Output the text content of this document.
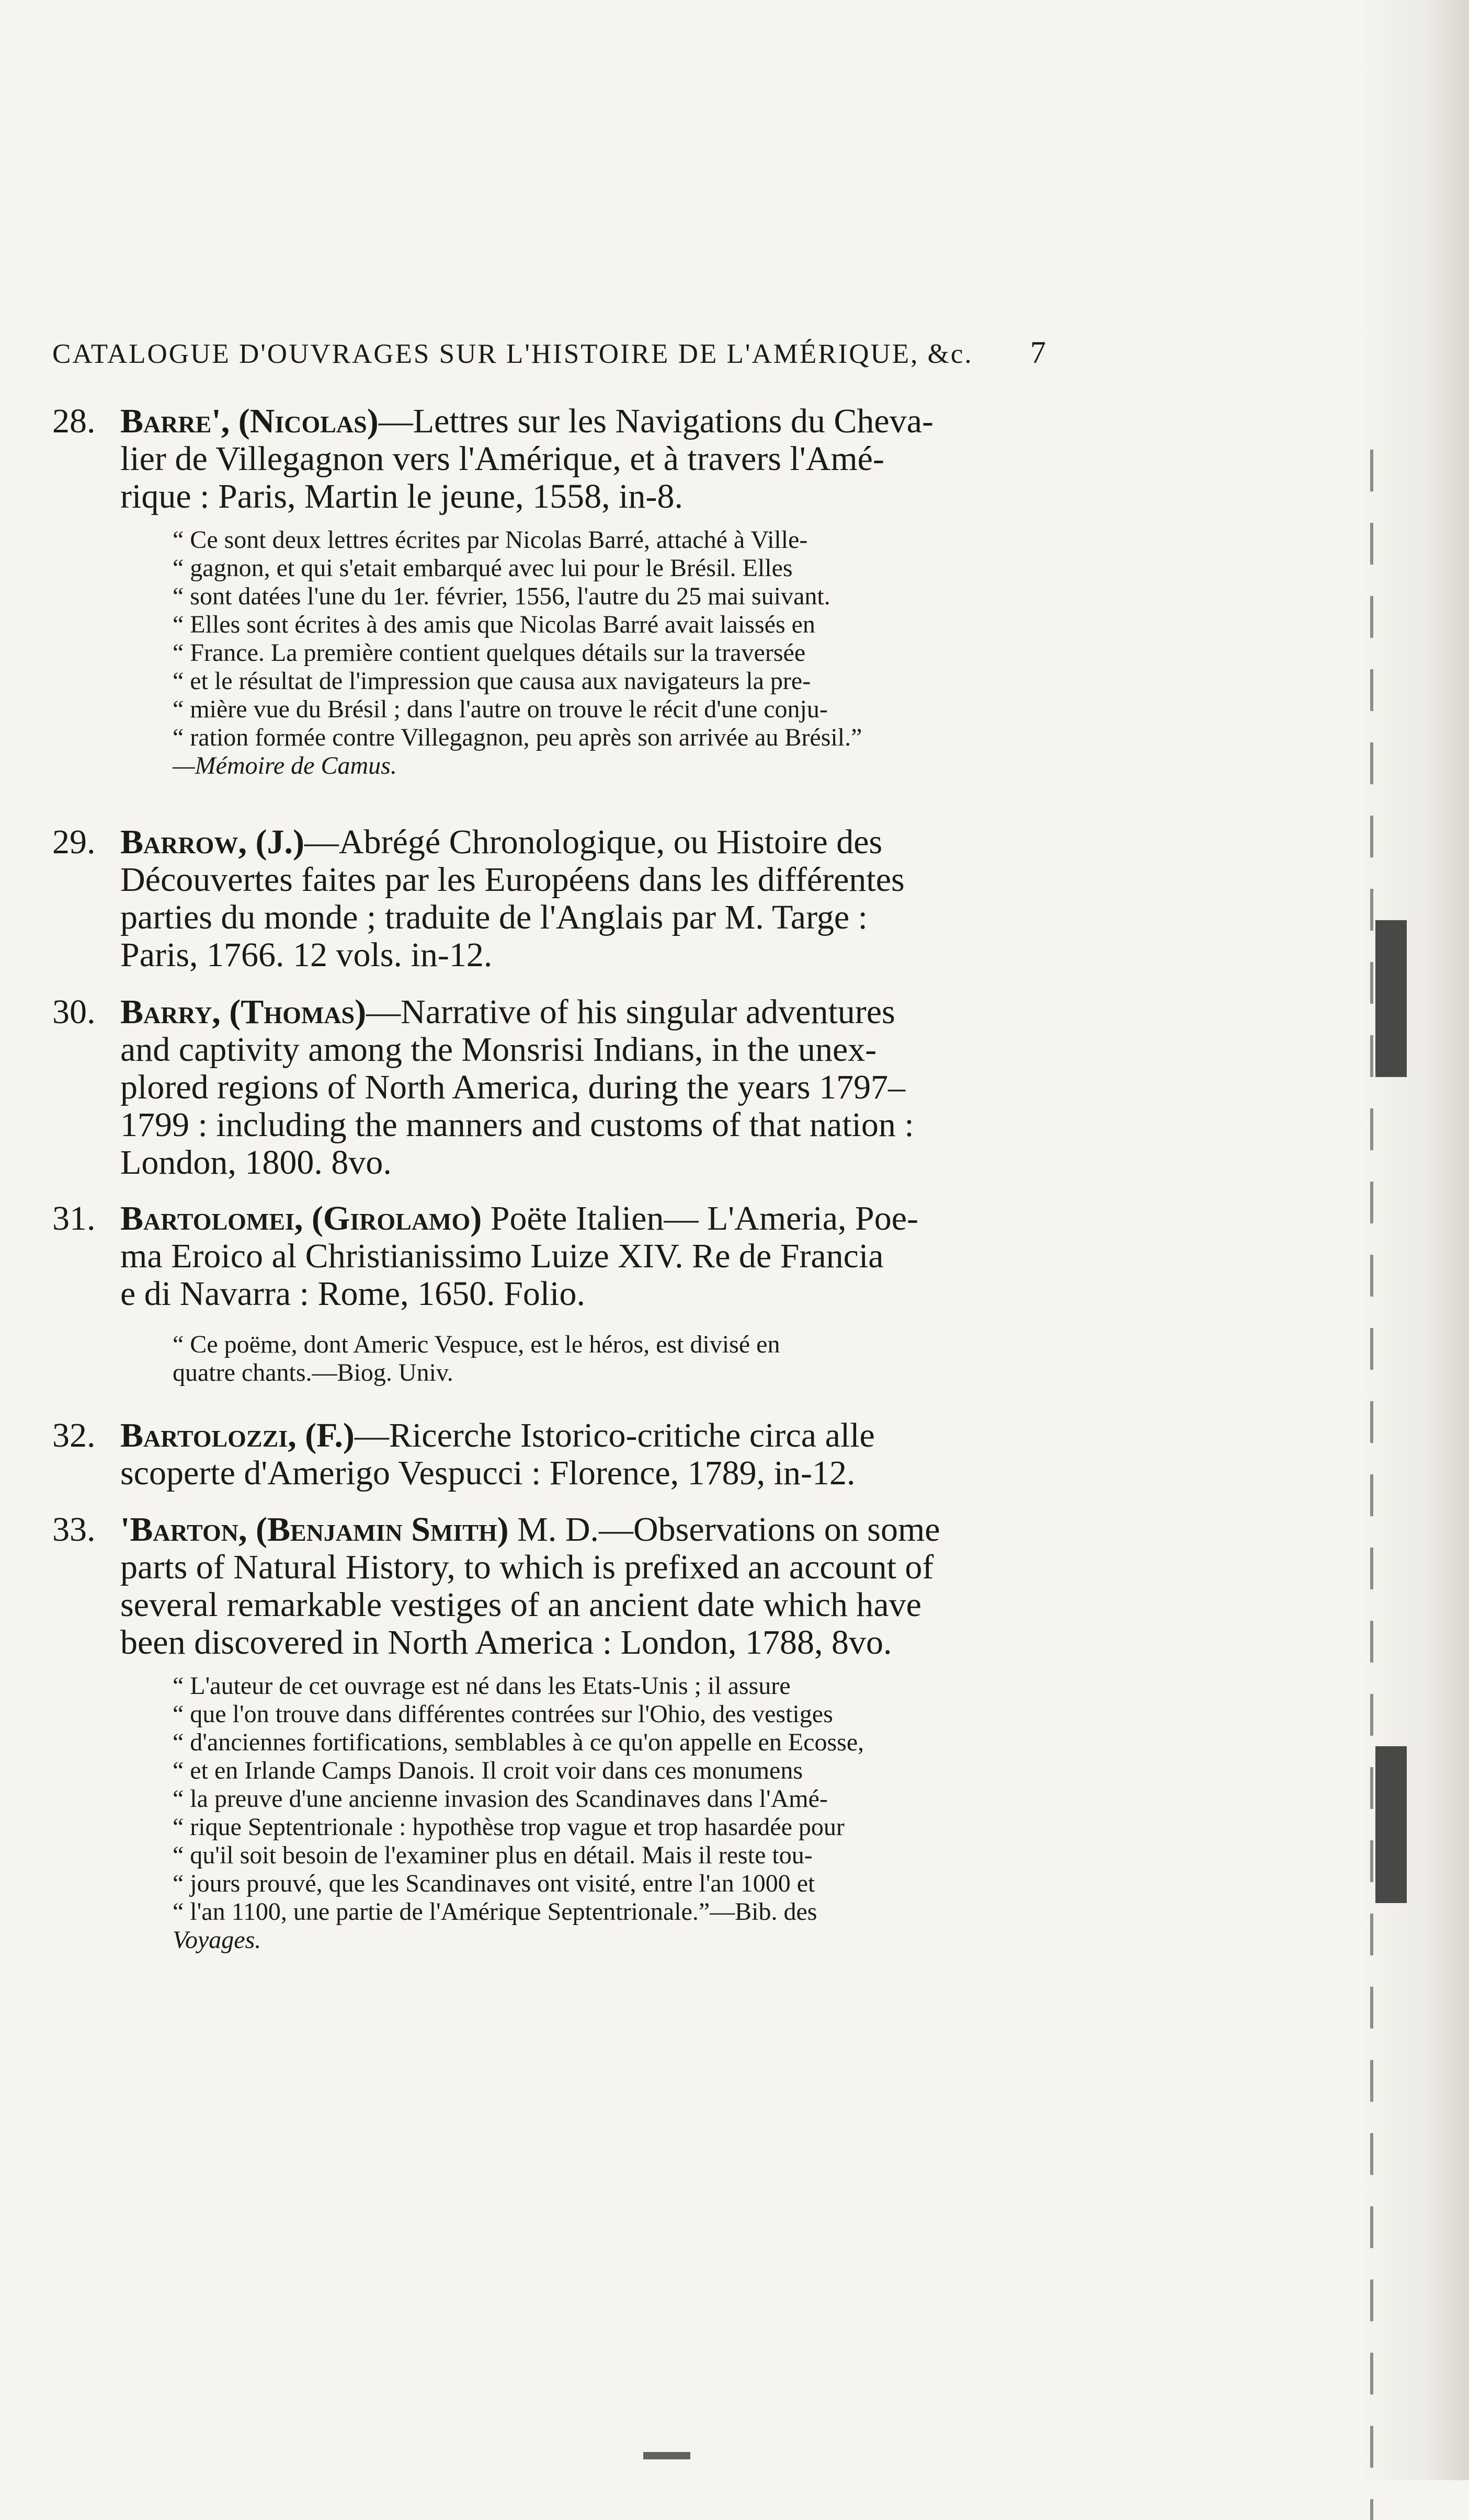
CATALOGUE D'OUVRAGES SUR L'HISTOIRE DE L'AMÉRIQUE, &c. 7
28. Barre', (Nicolas)—Lettres sur les Navigations du Cheva-
lier de Villegagnon vers l'Amérique, et à travers l'Amé-
rique : Paris, Martin le jeune, 1558, in-8.
“ Ce sont deux lettres écrites par Nicolas Barré, attaché à Ville-
“ gagnon, et qui s'etait embarqué avec lui pour le Brésil. Elles
“ sont datées l'une du 1er. février, 1556, l'autre du 25 mai suivant.
“ Elles sont écrites à des amis que Nicolas Barré avait laissés en
“ France. La première contient quelques détails sur la traversée
“ et le résultat de l'impression que causa aux navigateurs la pre-
“ mière vue du Brésil ; dans l'autre on trouve le récit d'une conju-
“ ration formée contre Villegagnon, peu après son arrivée au Brésil.”
—Mémoire de Camus.
29. Barrow, (J.)—Abrégé Chronologique, ou Histoire des
Découvertes faites par les Européens dans les différentes
parties du monde ; traduite de l'Anglais par M. Targe :
Paris, 1766. 12 vols. in-12.
30. Barry, (Thomas)—Narrative of his singular adventures
and captivity among the Monsrisi Indians, in the unex-
plored regions of North America, during the years 1797–
1799 : including the manners and customs of that nation :
London, 1800. 8vo.
31. Bartolomei, (Girolamo) Poëte Italien— L'Ameria, Poe-
ma Eroico al Christianissimo Luize XIV. Re de Francia
e di Navarra : Rome, 1650. Folio.
“ Ce poëme, dont Americ Vespuce, est le héros, est divisé en
quatre chants.—Biog. Univ.
32. Bartolozzi, (F.)—Ricerche Istorico-critiche circa alle
scoperte d'Amerigo Vespucci : Florence, 1789, in-12.
33. 'Barton, (Benjamin Smith) M. D.—Observations on some
parts of Natural History, to which is prefixed an account of
several remarkable vestiges of an ancient date which have
been discovered in North America : London, 1788, 8vo.
“ L'auteur de cet ouvrage est né dans les Etats-Unis ; il assure
“ que l'on trouve dans différentes contrées sur l'Ohio, des vestiges
“ d'anciennes fortifications, semblables à ce qu'on appelle en Ecosse,
“ et en Irlande Camps Danois. Il croit voir dans ces monumens
“ la preuve d'une ancienne invasion des Scandinaves dans l'Amé-
“ rique Septentrionale : hypothèse trop vague et trop hasardée pour
“ qu'il soit besoin de l'examiner plus en détail. Mais il reste tou-
“ jours prouvé, que les Scandinaves ont visité, entre l'an 1000 et
“ l'an 1100, une partie de l'Amérique Septentrionale.”—Bib. des
Voyages.
